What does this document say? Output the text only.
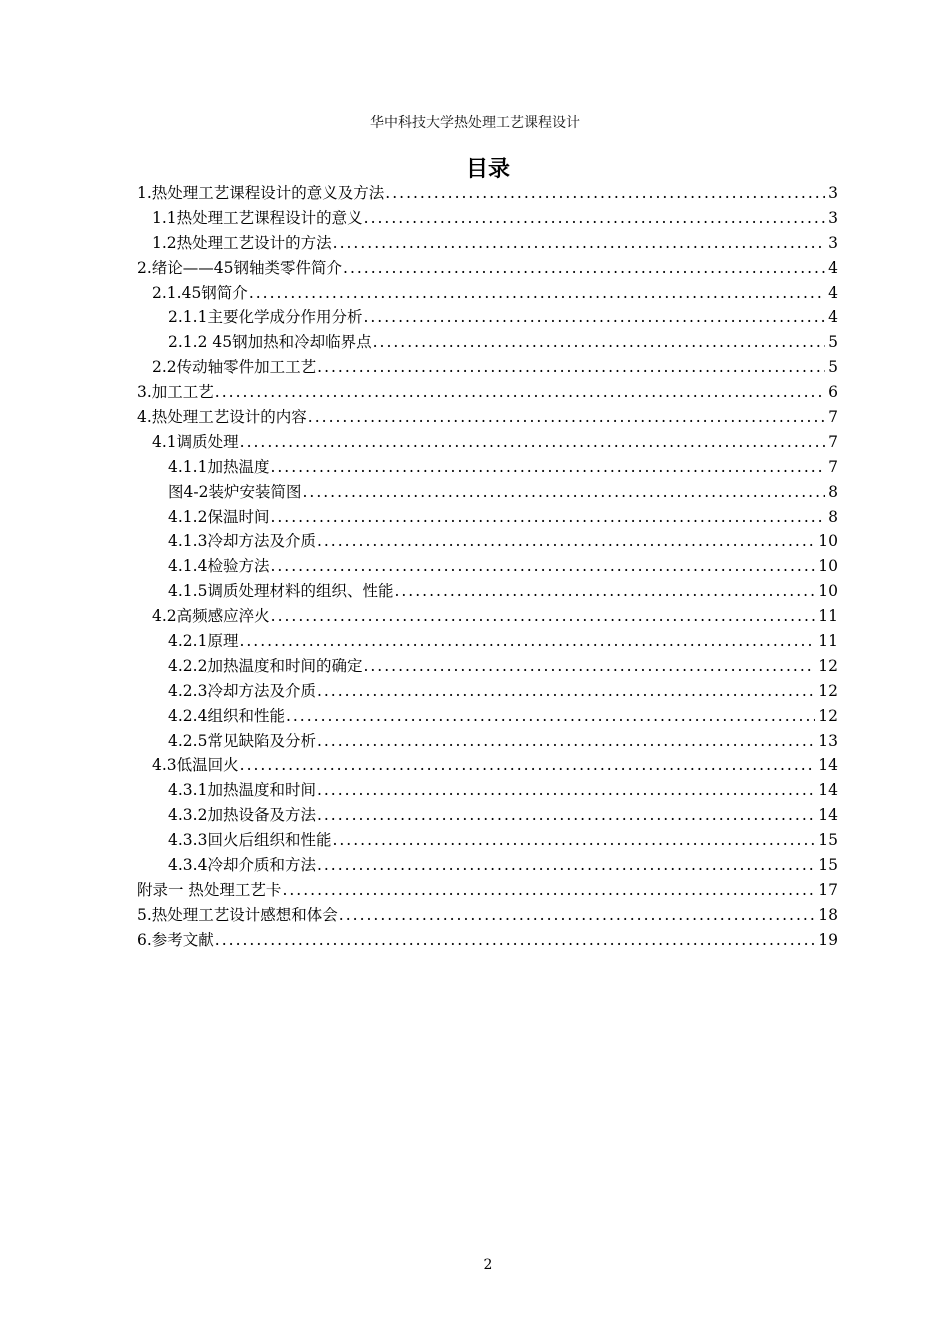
华中科技大学热处理工艺课程设计
目录
1.热处理工艺课程设计的意义及方法 .....	3
1.1热处理工艺课程设计的意义 .....	3
1.2热处理工艺设计的方法 .....	3
2.绪论——45钢轴类零件简介 .....	4
2.1.45钢简介 .....	4
2.1.1主要化学成分作用分析 .....	4
2.1.2 45钢加热和冷却临界点 .....	5
2.2传动轴零件加工工艺 .....	5
3.加工工艺 .....	6
4.热处理工艺设计的内容 .....	7
4.1调质处理 .....	7
4.1.1加热温度 .....	7
图4-2装炉安装简图 .....	8
4.1.2保温时间 .....	8
4.1.3冷却方法及介质 .....	10
4.1.4检验方法 .....	10
4.1.5调质处理材料的组织、性能 .....	10
4.2高频感应淬火 .....	11
4.2.1原理 .....	11
4.2.2加热温度和时间的确定 .....	12
4.2.3冷却方法及介质 .....	12
4.2.4组织和性能 .....	12
4.2.5常见缺陷及分析 .....	13
4.3低温回火 .....	14
4.3.1加热温度和时间 .....	14
4.3.2加热设备及方法 .....	14
4.3.3回火后组织和性能 .....	15
4.3.4冷却介质和方法 .....	15
附录一 热处理工艺卡 .....	17
5.热处理工艺设计感想和体会 .....	18
6.参考文献 .....	19
2
